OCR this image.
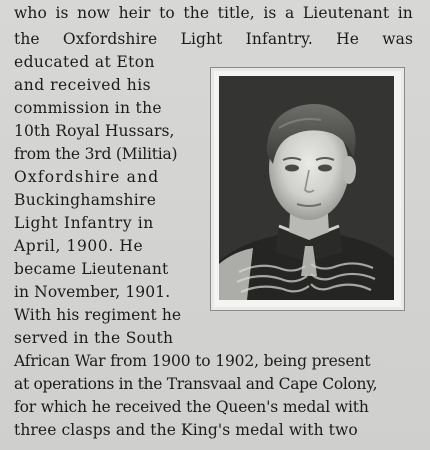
who is now heir to the title, is a Lieutenant in
the Oxfordshire Light Infantry. He was
educated at Eton
and received his
commission in the
10th Royal Hussars,
from the 3rd (Militia)
Oxfordshire and
Buckinghamshire
Light Infantry in
April, 1900. He
became Lieutenant
in November, 1901.
With his regiment he
served in the South
African War from 1900 to 1902, being present
at operations in the Transvaal and Cape Colony,
for which he received the Queen's medal with
three clasps and the King's medal with two
